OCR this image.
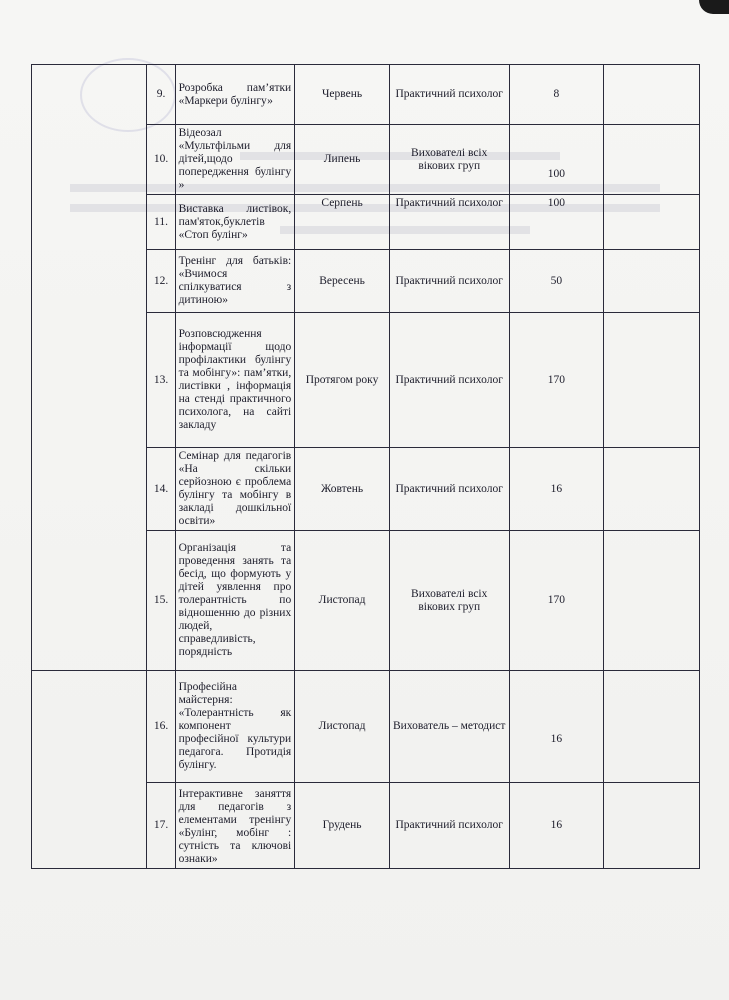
	9.	Розробка пам’ятки «Маркери булінгу»	Червень	Практичний психолог	8	
	10.	Відеозал «Мультфільми для дітей,щодо попередження булінгу »	Липень	Вихователі всіх вікових груп	100	

	11.	Виставка листівок, пам'яток,буклетів «Стоп булінг»	Серпень	Практичний психолог	100	
	12.	Тренінг для батьків: «Вчимося спілкуватися з дитиною»	Вересень	Практичний психолог	50	
	13.	Розповсюдження інформації щодо профілактики булінгу та мобінгу»: пам’ятки, листівки , інформація на стенді практичного психолога, на сайті закладу	Протягом року	Практичний психолог	170	
	14.	Семінар для педагогів «На скільки серйозною є проблема булінгу та мобінгу в закладі дошкільної освіти»	Жовтень	Практичний психолог	16	
	15.	Організація та проведення занять та бесід, що формують у дітей уявлення про толерантність по відношенню до різних людей, справедливість, порядність	Листопад	Вихователі всіх вікових груп	170	
	16.	Професійна майстерня: «Толерантність як компонент професійної культури педагога. Протидія булінгу.	Листопад	Вихователь – методист	16	

	17.	Інтерактивне заняття для педагогів з елементами тренінгу «Булінг, мобінг : сутність та ключові ознаки»	Грудень	Практичний психолог	16	
